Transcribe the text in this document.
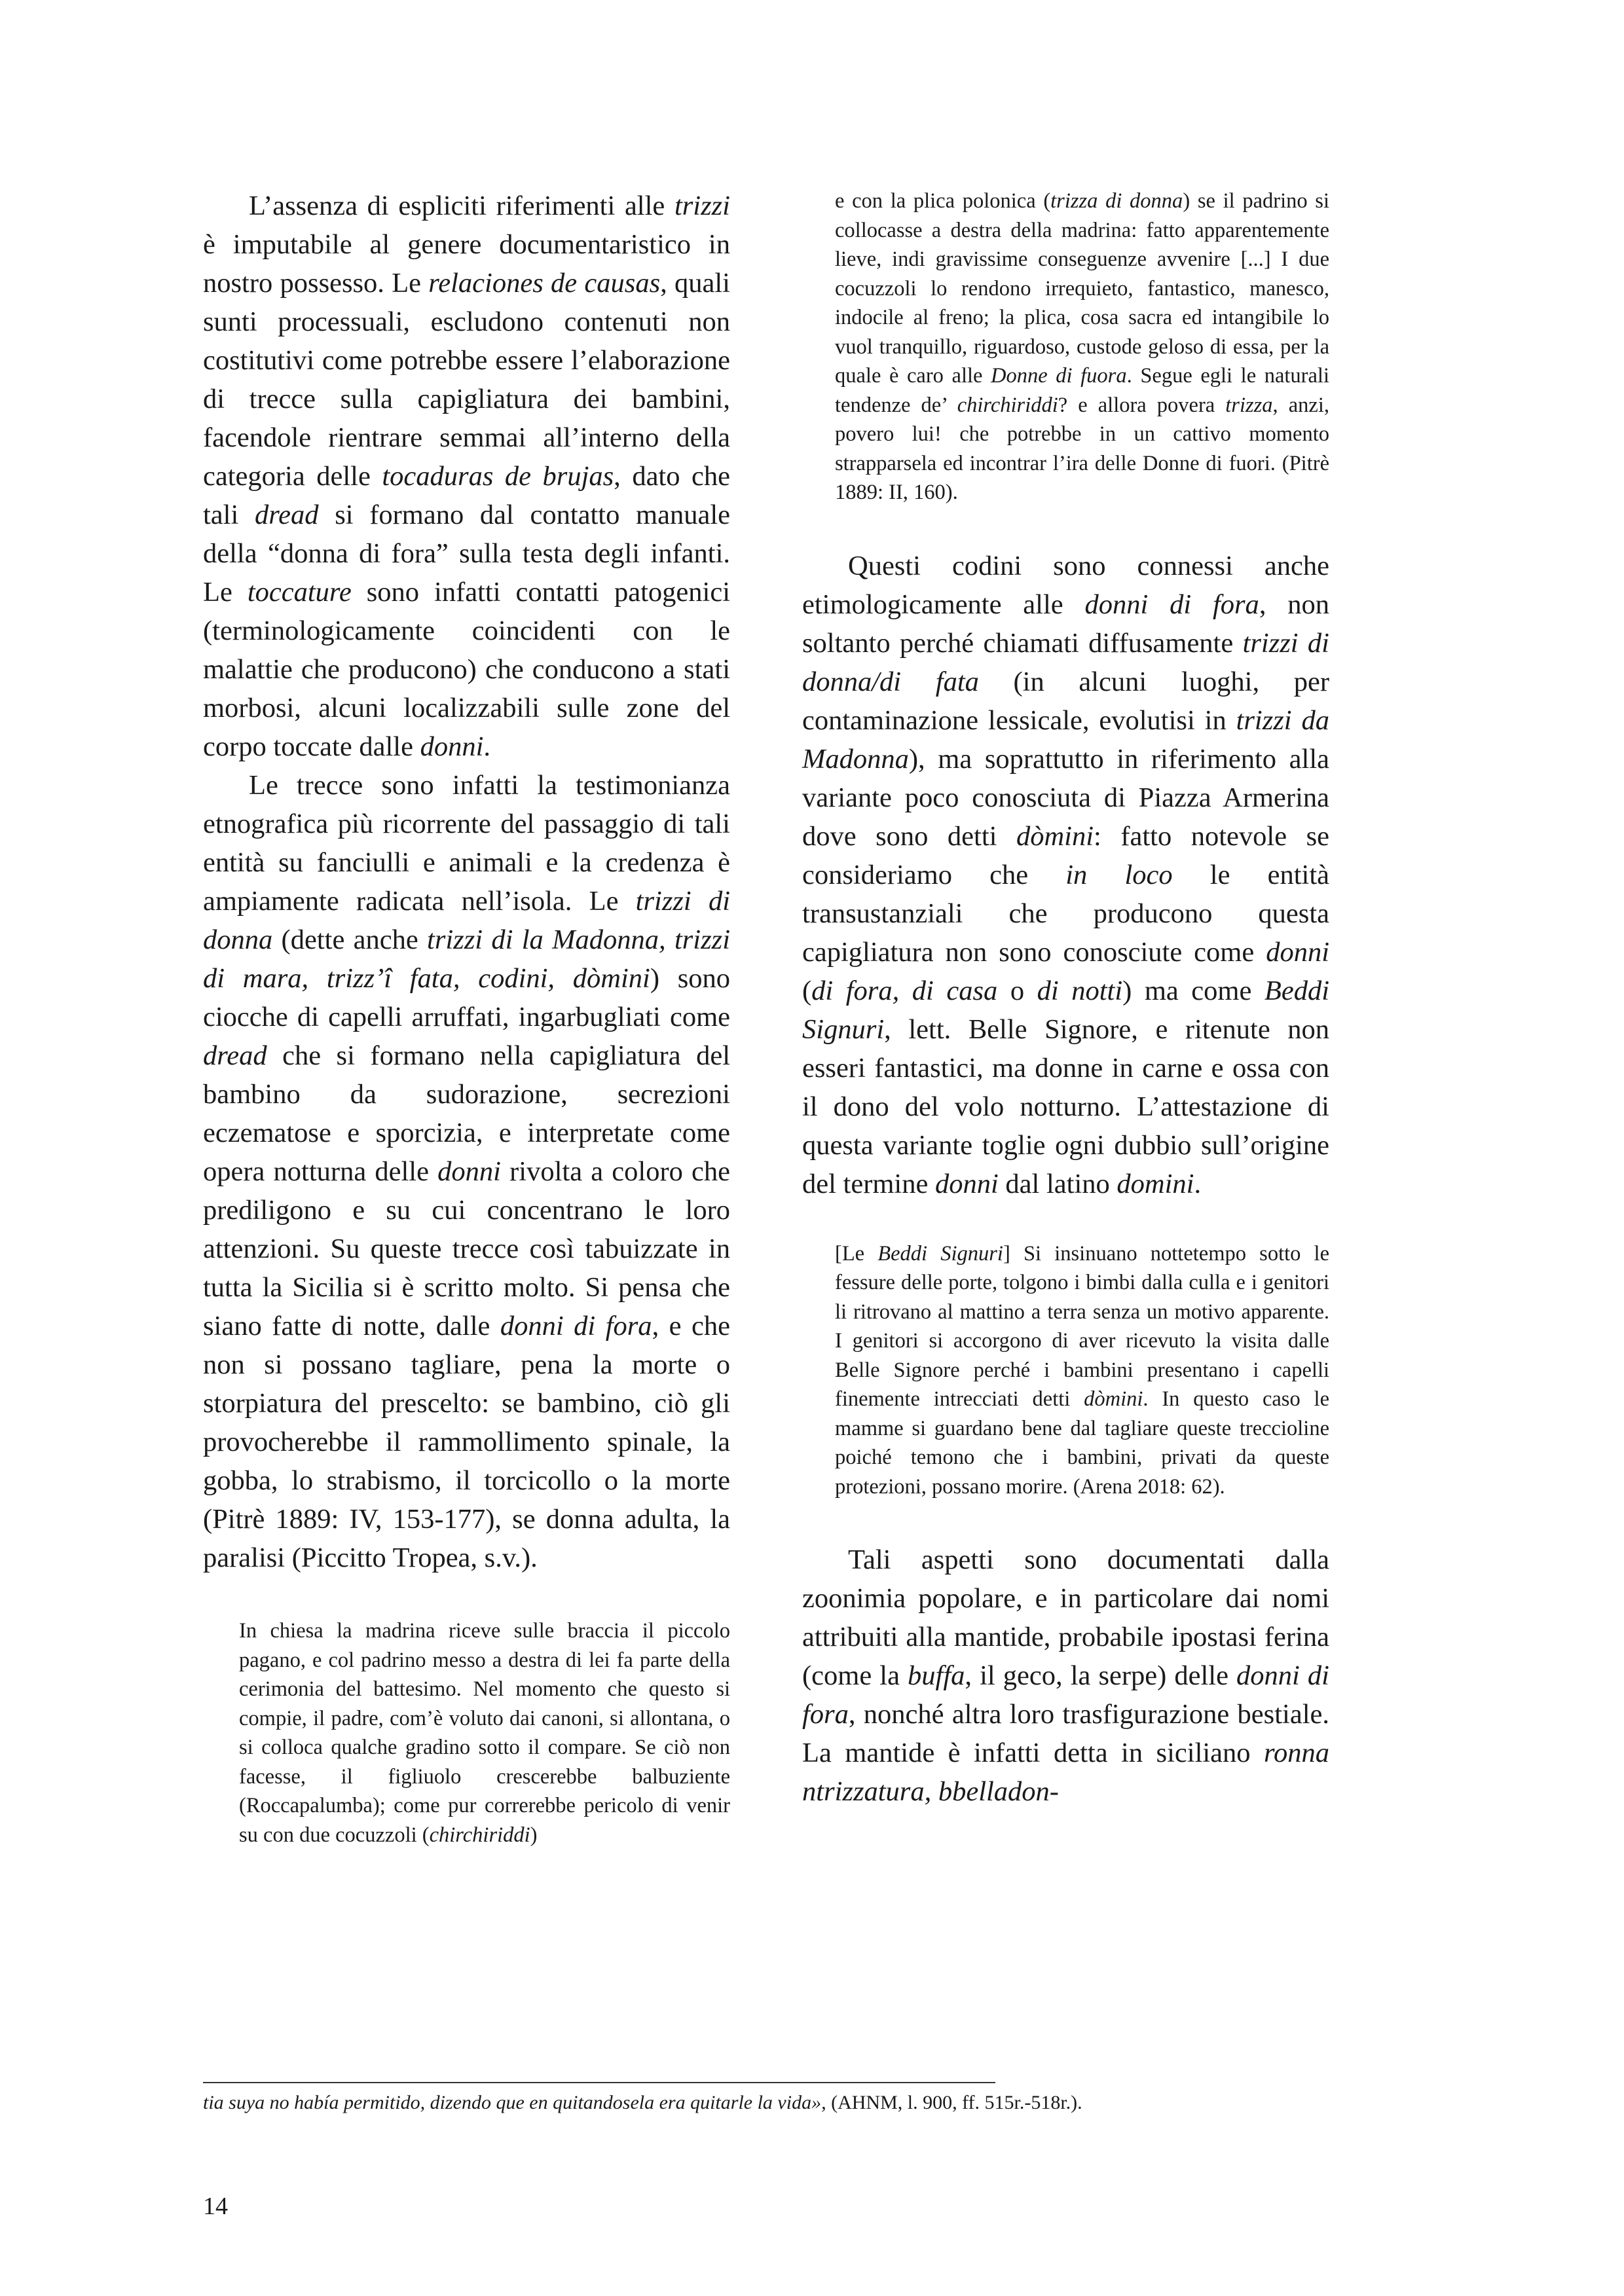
L’assenza di espliciti riferimenti alle trizzi è imputabile al genere documentaristico in nostro possesso. Le relaciones de causas, quali sunti processuali, escludono contenuti non costitutivi come potrebbe essere l’elaborazione di trecce sulla capigliatura dei bambini, facendole rientrare semmai all’interno della categoria delle tocaduras de brujas, dato che tali dread si formano dal contatto manuale della “donna di fora” sulla testa degli infanti. Le toccature sono infatti contatti patogenici (terminologicamente coincidenti con le malattie che producono) che conducono a stati morbosi, alcuni localizzabili sulle zone del corpo toccate dalle donni.

Le trecce sono infatti la testimonianza etnografica più ricorrente del passaggio di tali entità su fanciulli e animali e la credenza è ampiamente radicata nell’isola. Le trizzi di donna (dette anche trizzi di la Madonna, trizzi di mara, trizz’î fata, codini, dòmini) sono ciocche di capelli arruffati, ingarbugliati come dread che si formano nella capigliatura del bambino da sudorazione, secrezioni eczematose e sporcizia, e interpretate come opera notturna delle donni rivolta a coloro che prediligono e su cui concentrano le loro attenzioni. Su queste trecce così tabuizzate in tutta la Sicilia si è scritto molto. Si pensa che siano fatte di notte, dalle donni di fora, e che non si possano tagliare, pena la morte o storpiatura del prescelto: se bambino, ciò gli provocherebbe il rammollimento spinale, la gobba, lo strabismo, il torcicollo o la morte (Pitrè 1889: IV, 153-177), se donna adulta, la paralisi (Piccitto Tropea, s.v.).

In chiesa la madrina riceve sulle braccia il piccolo pagano, e col padrino messo a destra di lei fa parte della cerimonia del battesimo. Nel momento che questo si compie, il padre, com’è voluto dai canoni, si allontana, o si colloca qualche gradino sotto il compare. Se ciò non facesse, il figliuolo crescerebbe balbuziente (Roccapalumba); come pur correrebbe pericolo di venir su con due cocuzzoli (chirchiriddi)

e con la plica polonica (trizza di donna) se il padrino si collocasse a destra della madrina: fatto apparentemente lieve, indi gravissime conseguenze avvenire [...] I due cocuzzoli lo rendono irrequieto, fantastico, manesco, indocile al freno; la plica, cosa sacra ed intangibile lo vuol tranquillo, riguardoso, custode geloso di essa, per la quale è caro alle Donne di fuora. Segue egli le naturali tendenze de’ chirchiriddi? e allora povera trizza, anzi, povero lui! che potrebbe in un cattivo momento strapparsela ed incontrar l’ira delle Donne di fuori. (Pitrè 1889: II, 160).

Questi codini sono connessi anche etimologicamente alle donni di fora, non soltanto perché chiamati diffusamente trizzi di donna/di fata (in alcuni luoghi, per contaminazione lessicale, evolutisi in trizzi da Madonna), ma soprattutto in riferimento alla variante poco conosciuta di Piazza Armerina dove sono detti dòmini: fatto notevole se consideriamo che in loco le entità transustanziali che producono questa capigliatura non sono conosciute come donni (di fora, di casa o di notti) ma come Beddi Signuri, lett. Belle Signore, e ritenute non esseri fantastici, ma donne in carne e ossa con il dono del volo notturno. L’attestazione di questa variante toglie ogni dubbio sull’origine del termine donni dal latino domini.

[Le Beddi Signuri] Si insinuano nottetempo sotto le fessure delle porte, tolgono i bimbi dalla culla e i genitori li ritrovano al mattino a terra senza un motivo apparente. I genitori si accorgono di aver ricevuto la visita dalle Belle Signore perché i bambini presentano i capelli finemente intrecciati detti dòmini. In questo caso le mamme si guardano bene dal tagliare queste treccioline poiché temono che i bambini, privati da queste protezioni, possano morire. (Arena 2018: 62).

Tali aspetti sono documentati dalla zoonimia popolare, e in particolare dai nomi attribuiti alla mantide, probabile ipostasi ferina (come la buffa, il geco, la serpe) delle donni di fora, nonché altra loro trasfigurazione bestiale. La mantide è infatti detta in siciliano ronna ntrizzatura, bbelladon-

tia suya no había permitido, dizendo que en quitandosela era quitarle la vida», (AHNM, l. 900, ff. 515r.-518r.).

14
